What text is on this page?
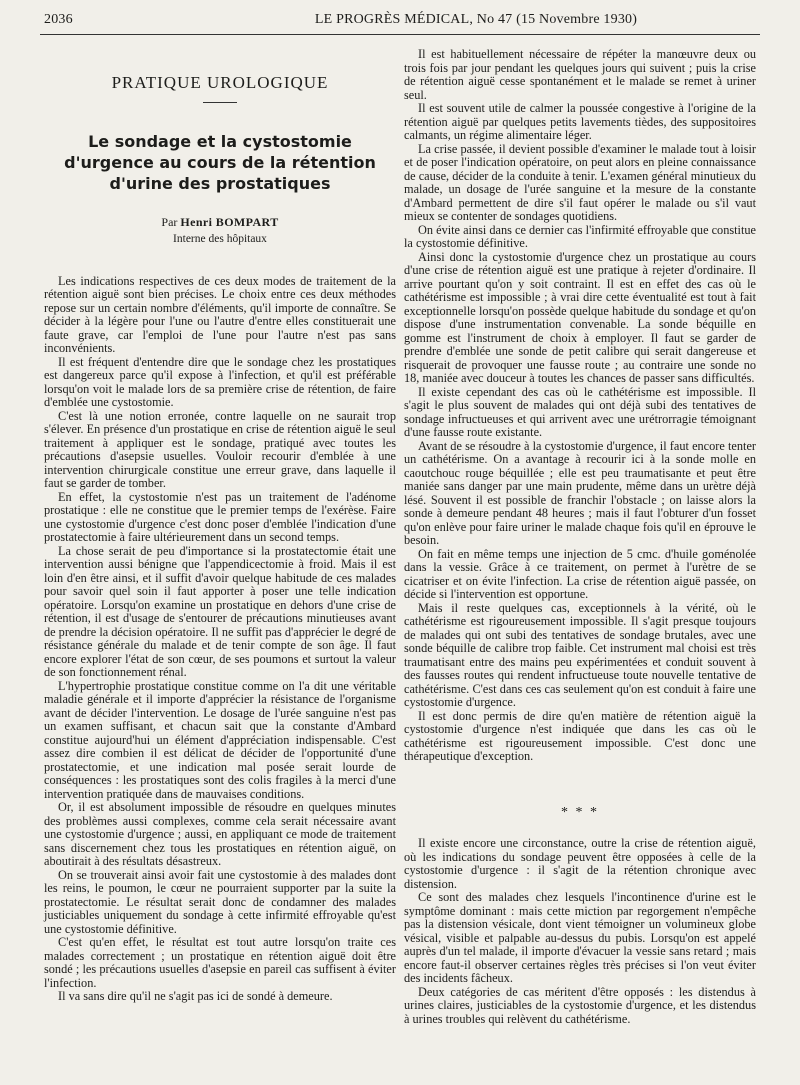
2036	LE PROGRÈS MÉDICAL, No 47 (15 Novembre 1930)
PRATIQUE UROLOGIQUE
Le sondage et la cystostomie d'urgence au cours de la rétention d'urine des prostatiques
Par Henri BOMPART
Interne des hôpitaux

Les indications respectives de ces deux modes de traitement de la rétention aiguë sont bien précises. Le choix entre ces deux méthodes repose sur un certain nombre d'éléments, qu'il importe de connaître. Se décider à la légère pour l'une ou l'autre d'entre elles constituerait une faute grave, car l'emploi de l'une pour l'autre n'est pas sans inconvénients.

Il est fréquent d'entendre dire que le sondage chez les prostatiques est dangereux parce qu'il expose à l'infection, et qu'il est préférable lorsqu'on voit le malade lors de sa première crise de rétention, de faire d'emblée une cystostomie.

C'est là une notion erronée, contre laquelle on ne saurait trop s'élever. En présence d'un prostatique en crise de rétention aiguë le seul traitement à appliquer est le sondage, pratiqué avec toutes les précautions d'asepsie usuelles. Vouloir recourir d'emblée à une intervention chirurgicale constitue une erreur grave, dans laquelle il faut se garder de tomber.

En effet, la cystostomie n'est pas un traitement de l'adénome prostatique : elle ne constitue que le premier temps de l'exérèse. Faire une cystostomie d'urgence c'est donc poser d'emblée l'indication d'une prostatectomie à faire ultérieurement dans un second temps.

La chose serait de peu d'importance si la prostatectomie était une intervention aussi bénigne que l'appendicectomie à froid. Mais il est loin d'en être ainsi, et il suffit d'avoir quelque habitude de ces malades pour savoir quel soin il faut apporter à poser une telle indication opératoire. Lorsqu'on examine un prostatique en dehors d'une crise de rétention, il est d'usage de s'entourer de précautions minutieuses avant de prendre la décision opératoire. Il ne suffit pas d'apprécier le degré de résistance générale du malade et de tenir compte de son âge. Il faut encore explorer l'état de son cœur, de ses poumons et surtout la valeur de son fonctionnement rénal.

L'hypertrophie prostatique constitue comme on l'a dit une véritable maladie générale et il importe d'apprécier la résistance de l'organisme avant de décider l'intervention. Le dosage de l'urée sanguine n'est pas un examen suffisant, et chacun sait que la constante d'Ambard constitue aujourd'hui un élément d'appréciation indispensable. C'est assez dire combien il est délicat de décider de l'opportunité d'une prostatectomie, et une indication mal posée serait lourde de conséquences : les prostatiques sont des colis fragiles à la merci d'une intervention pratiquée dans de mauvaises conditions.

Or, il est absolument impossible de résoudre en quelques minutes des problèmes aussi complexes, comme cela serait nécessaire avant une cystostomie d'urgence ; aussi, en appliquant ce mode de traitement sans discernement chez tous les prostatiques en rétention aiguë, on aboutirait à des résultats désastreux.

On se trouverait ainsi avoir fait une cystostomie à des malades dont les reins, le poumon, le cœur ne pourraient supporter par la suite la prostatectomie. Le résultat serait donc de condamner des malades justiciables uniquement du sondage à cette infirmité effroyable qu'est une cystostomie définitive.

C'est qu'en effet, le résultat est tout autre lorsqu'on traite ces malades correctement ; un prostatique en rétention aiguë doit être sondé ; les précautions usuelles d'asepsie en pareil cas suffisent à éviter l'infection.

Il va sans dire qu'il ne s'agit pas ici de sondé à demeure.

Il est habituellement nécessaire de répéter la manœuvre deux ou trois fois par jour pendant les quelques jours qui suivent ; puis la crise de rétention aiguë cesse spontanément et le malade se remet à uriner seul.

Il est souvent utile de calmer la poussée congestive à l'origine de la rétention aiguë par quelques petits lavements tièdes, des suppositoires calmants, un régime alimentaire léger.

La crise passée, il devient possible d'examiner le malade tout à loisir et de poser l'indication opératoire, on peut alors en pleine connaissance de cause, décider de la conduite à tenir. L'examen général minutieux du malade, un dosage de l'urée sanguine et la mesure de la constante d'Ambard permettent de dire s'il faut opérer le malade ou s'il vaut mieux se contenter de sondages quotidiens.

On évite ainsi dans ce dernier cas l'infirmité effroyable que constitue la cystostomie définitive.

Ainsi donc la cystostomie d'urgence chez un prostatique au cours d'une crise de rétention aiguë est une pratique à rejeter d'ordinaire. Il arrive pourtant qu'on y soit contraint. Il est en effet des cas où le cathétérisme est impossible ; à vrai dire cette éventualité est tout à fait exceptionnelle lorsqu'on possède quelque habitude du sondage et qu'on dispose d'une instrumentation convenable. La sonde béquille en gomme est l'instrument de choix à employer. Il faut se garder de prendre d'emblée une sonde de petit calibre qui serait dangereuse et risquerait de provoquer une fausse route ; au contraire une sonde no 18, maniée avec douceur à toutes les chances de passer sans difficultés.

Il existe cependant des cas où le cathétérisme est impossible. Il s'agit le plus souvent de malades qui ont déjà subi des tentatives de sondage infructueuses et qui arrivent avec une urétrorragie témoignant d'une fausse route existante.

Avant de se résoudre à la cystostomie d'urgence, il faut encore tenter un cathétérisme. On a avantage à recourir ici à la sonde molle en caoutchouc rouge béquillée ; elle est peu traumatisante et peut être maniée sans danger par une main prudente, même dans un urètre déjà lésé. Souvent il est possible de franchir l'obstacle ; on laisse alors la sonde à demeure pendant 48 heures ; mais il faut l'obturer d'un fosset qu'on enlève pour faire uriner le malade chaque fois qu'il en éprouve le besoin.

On fait en même temps une injection de 5 cmc. d'huile goménolée dans la vessie. Grâce à ce traitement, on permet à l'urètre de se cicatriser et on évite l'infection. La crise de rétention aiguë passée, on décide si l'intervention est opportune.

Mais il reste quelques cas, exceptionnels à la vérité, où le cathétérisme est rigoureusement impossible. Il s'agit presque toujours de malades qui ont subi des tentatives de sondage brutales, avec une sonde béquille de calibre trop faible. Cet instrument mal choisi est très traumatisant entre des mains peu expérimentées et conduit souvent à des fausses routes qui rendent infructueuse toute nouvelle tentative de cathétérisme. C'est dans ces cas seulement qu'on est conduit à faire une cystostomie d'urgence.

Il est donc permis de dire qu'en matière de rétention aiguë la cystostomie d'urgence n'est indiquée que dans les cas où le cathétérisme est rigoureusement impossible. C'est donc une thérapeutique d'exception.

* * *

Il existe encore une circonstance, outre la crise de rétention aiguë, où les indications du sondage peuvent être opposées à celle de la cystostomie d'urgence : il s'agit de la rétention chronique avec distension.

Ce sont des malades chez lesquels l'incontinence d'urine est le symptôme dominant : mais cette miction par regorgement n'empêche pas la distension vésicale, dont vient témoigner un volumineux globe vésical, visible et palpable au-dessus du pubis. Lorsqu'on est appelé auprès d'un tel malade, il importe d'évacuer la vessie sans retard ; mais encore faut-il observer certaines règles très précises si l'on veut éviter des incidents fâcheux.

Deux catégories de cas méritent d'être opposés : les distendus à urines claires, justiciables de la cystostomie d'urgence, et les distendus à urines troubles qui relèvent du cathétérisme.
